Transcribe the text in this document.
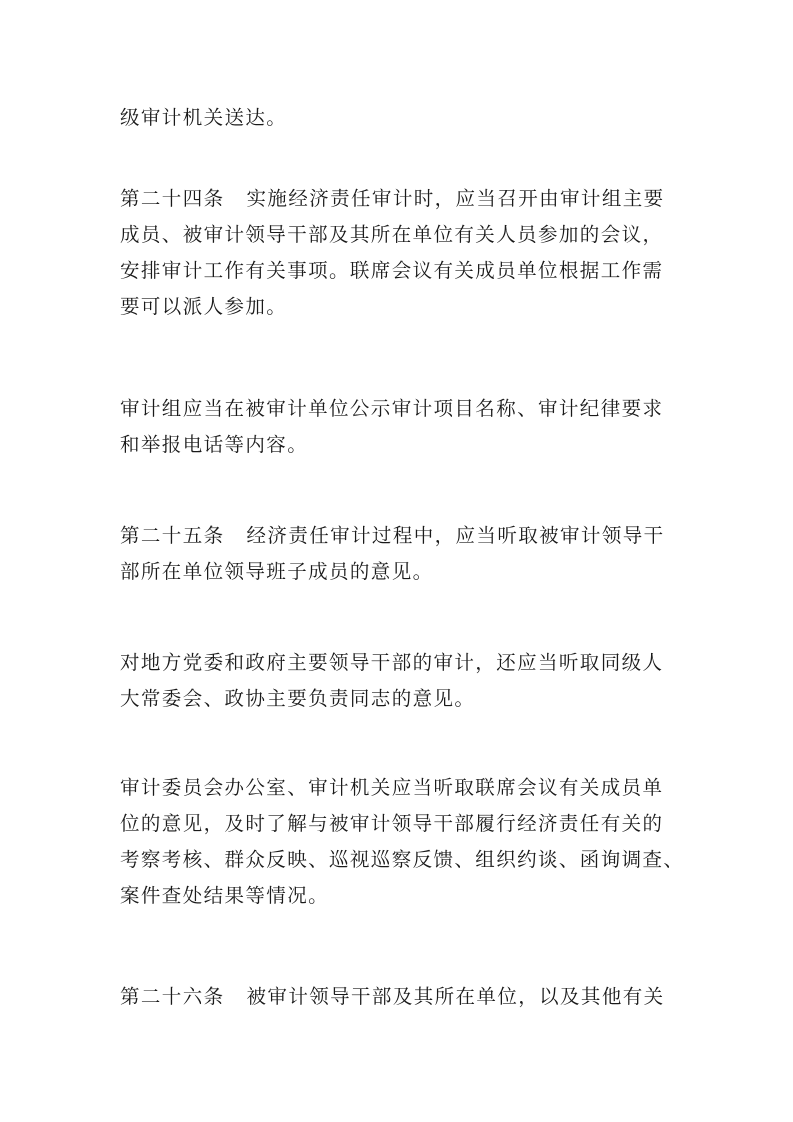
级审计机关送达。

第二十四条 实施经济责任审计时，应当召开由审计组主要
成员、被审计领导干部及其所在单位有关人员参加的会议，
安排审计工作有关事项。联席会议有关成员单位根据工作需
要可以派人参加。

审计组应当在被审计单位公示审计项目名称、审计纪律要求
和举报电话等内容。

第二十五条 经济责任审计过程中，应当听取被审计领导干
部所在单位领导班子成员的意见。

对地方党委和政府主要领导干部的审计，还应当听取同级人
大常委会、政协主要负责同志的意见。

审计委员会办公室、审计机关应当听取联席会议有关成员单
位的意见，及时了解与被审计领导干部履行经济责任有关的
考察考核、群众反映、巡视巡察反馈、组织约谈、函询调查、
案件查处结果等情况。

第二十六条 被审计领导干部及其所在单位，以及其他有关
